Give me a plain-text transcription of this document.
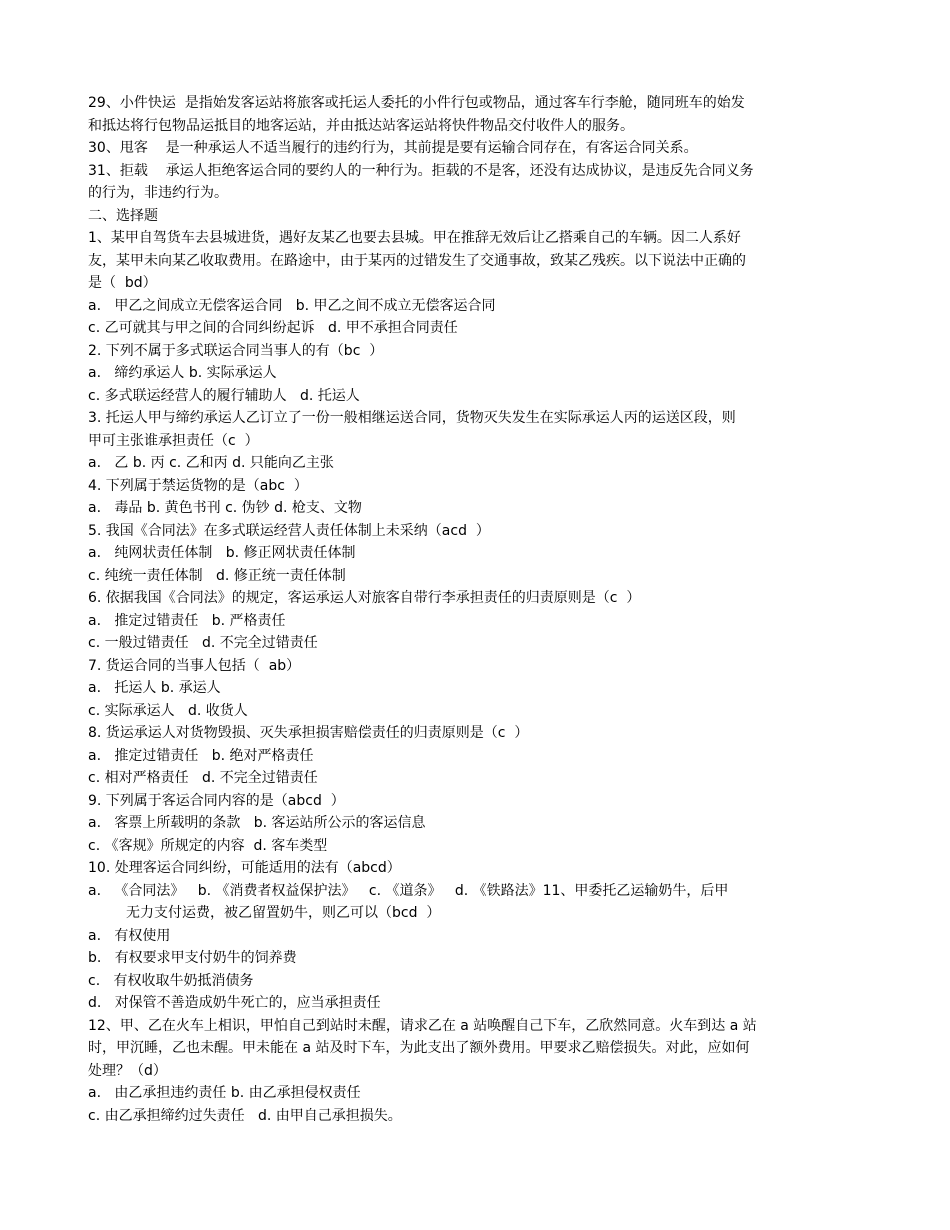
29、小件快运  是指始发客运站将旅客或托运人委托的小件行包或物品，通过客车行李舱，随同班车的始发
和抵达将行包物品运抵目的地客运站，并由抵达站客运站将快件物品交付收件人的服务。
30、甩客    是一种承运人不适当履行的违约行为，其前提是要有运输合同存在，有客运合同关系。
31、拒载    承运人拒绝客运合同的要约人的一种行为。拒载的不是客，还没有达成协议，是违反先合同义务
的行为，非违约行为。
二、选择题
1、某甲自驾货车去县城进货，遇好友某乙也要去县城。甲在推辞无效后让乙搭乘自己的车辆。因二人系好
友，某甲未向某乙收取费用。在路途中，由于某丙的过错发生了交通事故，致某乙残疾。以下说法中正确的
是（  bd）
a.   甲乙之间成立无偿客运合同   b. 甲乙之间不成立无偿客运合同
c. 乙可就其与甲之间的合同纠纷起诉   d. 甲不承担合同责任
2. 下列不属于多式联运合同当事人的有（bc  ）
a.   缔约承运人 b. 实际承运人
c. 多式联运经营人的履行辅助人   d. 托运人
3. 托运人甲与缔约承运人乙订立了一份一般相继运送合同，货物灭失发生在实际承运人丙的运送区段，则
甲可主张谁承担责任（c  ）
a.   乙 b. 丙 c. 乙和丙 d. 只能向乙主张
4. 下列属于禁运货物的是（abc  ）
a.   毒品 b. 黄色书刊 c. 伪钞 d. 枪支、文物
5. 我国《合同法》在多式联运经营人责任体制上未采纳（acd  ）
a.   纯网状责任体制   b. 修正网状责任体制
c. 纯统一责任体制   d. 修正统一责任体制
6. 依据我国《合同法》的规定，客运承运人对旅客自带行李承担责任的归责原则是（c  ）
a.   推定过错责任   b. 严格责任
c. 一般过错责任   d. 不完全过错责任
7. 货运合同的当事人包括（  ab）
a.   托运人 b. 承运人
c. 实际承运人   d. 收货人
8. 货运承运人对货物毁损、灭失承担损害赔偿责任的归责原则是（c  ）
a.   推定过错责任   b. 绝对严格责任
c. 相对严格责任   d. 不完全过错责任
9. 下列属于客运合同内容的是（abcd  ）
a.   客票上所载明的条款   b. 客运站所公示的客运信息
c. 《客规》所规定的内容  d. 客车类型
10. 处理客运合同纠纷，可能适用的法有（abcd）
a.   《合同法》   b. 《消费者权益保护法》   c. 《道条》   d. 《铁路法》11、甲委托乙运输奶牛，后甲
无力支付运费，被乙留置奶牛，则乙可以（bcd  ）
a.   有权使用
b.   有权要求甲支付奶牛的饲养费
c.   有权收取牛奶抵消债务
d.   对保管不善造成奶牛死亡的，应当承担责任
12、甲、乙在火车上相识，甲怕自己到站时未醒，请求乙在 a 站唤醒自己下车，乙欣然同意。火车到达 a 站
时，甲沉睡，乙也未醒。甲未能在 a 站及时下车，为此支出了额外费用。甲要求乙赔偿损失。对此，应如何
处理？（d）
a.   由乙承担违约责任 b. 由乙承担侵权责任
c. 由乙承担缔约过失责任   d. 由甲自己承担损失。
